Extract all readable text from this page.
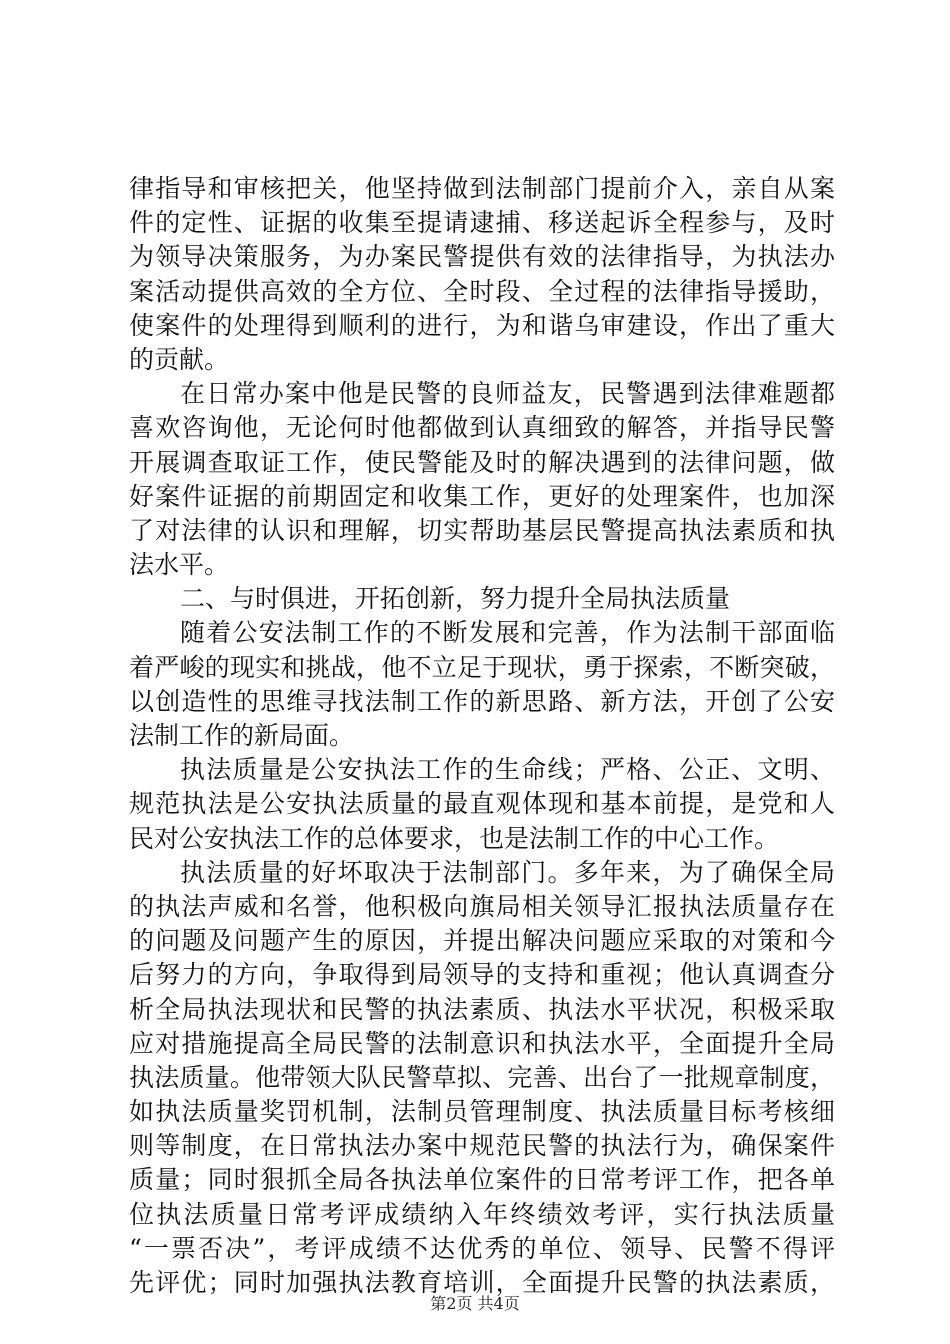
律指导和审核把关，他坚持做到法制部门提前介入，亲自从案
件的定性、证据的收集至提请逮捕、移送起诉全程参与，及时
为领导决策服务，为办案民警提供有效的法律指导，为执法办
案活动提供高效的全方位、全时段、全过程的法律指导援助，
使案件的处理得到顺利的进行，为和谐乌审建设，作出了重大
的贡献。
在日常办案中他是民警的良师益友，民警遇到法律难题都
喜欢咨询他，无论何时他都做到认真细致的解答，并指导民警
开展调查取证工作，使民警能及时的解决遇到的法律问题，做
好案件证据的前期固定和收集工作，更好的处理案件，也加深
了对法律的认识和理解，切实帮助基层民警提高执法素质和执
法水平。
二、与时俱进，开拓创新，努力提升全局执法质量
随着公安法制工作的不断发展和完善，作为法制干部面临
着严峻的现实和挑战，他不立足于现状，勇于探索，不断突破，
以创造性的思维寻找法制工作的新思路、新方法，开创了公安
法制工作的新局面。
执法质量是公安执法工作的生命线；严格、公正、文明、
规范执法是公安执法质量的最直观体现和基本前提，是党和人
民对公安执法工作的总体要求，也是法制工作的中心工作。
执法质量的好坏取决于法制部门。多年来，为了确保全局
的执法声威和名誉，他积极向旗局相关领导汇报执法质量存在
的问题及问题产生的原因，并提出解决问题应采取的对策和今
后努力的方向，争取得到局领导的支持和重视；他认真调查分
析全局执法现状和民警的执法素质、执法水平状况，积极采取
应对措施提高全局民警的法制意识和执法水平，全面提升全局
执法质量。他带领大队民警草拟、完善、出台了一批规章制度，
如执法质量奖罚机制，法制员管理制度、执法质量目标考核细
则等制度，在日常执法办案中规范民警的执法行为，确保案件
质量；同时狠抓全局各执法单位案件的日常考评工作，把各单
位执法质量日常考评成绩纳入年终绩效考评，实行执法质量
“一票否决”，考评成绩不达优秀的单位、领导、民警不得评
先评优；同时加强执法教育培训，全面提升民警的执法素质，
第2页 共4页
